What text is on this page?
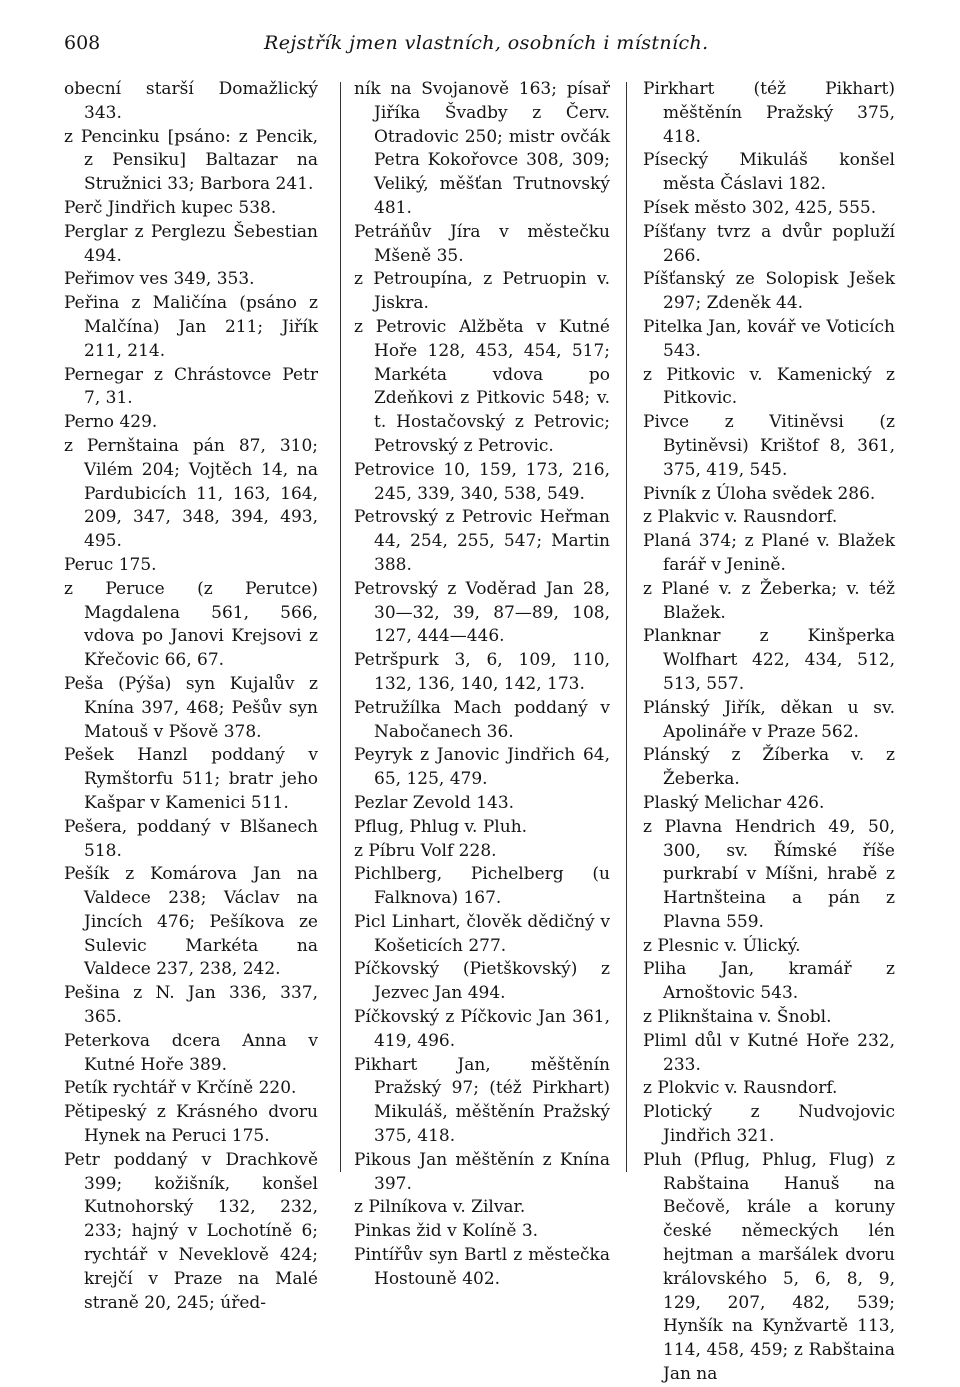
608	Rejstřík jmen vlastních, osobních i místních.
obecní starší Domažlický 343.
z Pencinku [psáno: z Pencik, z Pensiku] Baltazar na Stružnici 33; Barbora 241.
Perč Jindřich kupec 538.
Perglar z Perglezu Šebestian 494.
Peřimov ves 349, 353.
Peřina z Maličína (psáno z Malčína) Jan 211; Jiřík 211, 214.
Pernegar z Chrástovce Petr 7, 31.
Perno 429.
z Pernštaina pán 87, 310; Vilém 204; Vojtěch 14, na Pardubicích 11, 163, 164, 209, 347, 348, 394, 493, 495.
Peruc 175.
z Peruce (z Perutce) Magdalena 561, 566, vdova po Janovi Krejsovi z Křečovic 66, 67.
Peša (Pýša) syn Kujalův z Knína 397, 468; Pešův syn Matouš v Pšově 378.
Pešek Hanzl poddaný v Rymštorfu 511; bratr jeho Kašpar v Kamenici 511.
Pešera, poddaný v Blšanech 518.
Pešík z Komárova Jan na Valdece 238; Václav na Jincích 476; Pešíkova ze Sulevic Markéta na Valdece 237, 238, 242.
Pešina z N. Jan 336, 337, 365.
Peterkova dcera Anna v Kutné Hoře 389.
Petík rychtář v Krčíně 220.
Pětipeský z Krásného dvoru Hynek na Peruci 175.
Petr poddaný v Drachkově 399; kožišník, konšel Kutnohorský 132, 232, 233; hajný v Lochotíně 6; rychtář v Neveklově 424; krejčí v Praze na Malé straně 20, 245; úřed-
ník na Svojanově 163; písař Jiříka Švadby z Červ. Otradovic 250; mistr ovčák Petra Kokořovce 308, 309; Veliký, měšťan Trutnovský 481.
Petráňův Jíra v městečku Mšeně 35.
z Petroupína, z Petruopin v. Jiskra.
z Petrovic Alžběta v Kutné Hoře 128, 453, 454, 517; Markéta vdova po Zdeňkovi z Pitkovic 548; v. t. Hostačovský z Petrovic; Petrovský z Petrovic.
Petrovice 10, 159, 173, 216, 245, 339, 340, 538, 549.
Petrovský z Petrovic Heřman 44, 254, 255, 547; Martin 388.
Petrovský z Voděrad Jan 28, 30—32, 39, 87—89, 108, 127, 444—446.
Petršpurk 3, 6, 109, 110, 132, 136, 140, 142, 173.
Petružílka Mach poddaný v Nabočanech 36.
Peyryk z Janovic Jindřich 64, 65, 125, 479.
Pezlar Zevold 143.
Pflug, Phlug v. Pluh.
z Píbru Volf 228.
Pichlberg, Pichelberg (u Falknova) 167.
Picl Linhart, člověk dědičný v Košeticích 277.
Píčkovský (Pietškovský) z Jezvec Jan 494.
Píčkovský z Píčkovic Jan 361, 419, 496.
Pikhart Jan, měštěnín Pražský 97; (též Pirkhart) Mikuláš, měštěnín Pražský 375, 418.
Pikous Jan měštěnín z Knína 397.
z Pilníkova v. Zilvar.
Pinkas žid v Kolíně 3.
Pintířův syn Bartl z městečka Hostouně 402.
Pirkhart (též Pikhart) měštěnín Pražský 375, 418.
Písecký Mikuláš konšel města Čáslavi 182.
Písek město 302, 425, 555.
Píšťany tvrz a dvůr popluží 266.
Píšťanský ze Solopisk Ješek 297; Zdeněk 44.
Pitelka Jan, kovář ve Voticích 543.
z Pitkovic v. Kamenický z Pitkovic.
Pivce z Vitiněvsi (z Bytiněvsi) Krištof 8, 361, 375, 419, 545.
Pivník z Úloha svědek 286.
z Plakvic v. Rausndorf.
Planá 374; z Plané v. Blažek farář v Jenině.
z Plané v. z Žeberka; v. též Blažek.
Planknar z Kinšperka Wolfhart 422, 434, 512, 513, 557.
Plánský Jiřík, děkan u sv. Apolináře v Praze 562.
Plánský z Žíberka v. z Žeberka.
Plaský Melichar 426.
z Plavna Hendrich 49, 50, 300, sv. Římské říše purkrabí v Míšni, hrabě z Hartnšteina a pán z Plavna 559.
z Plesnic v. Úlický.
Pliha Jan, kramář z Arnoštovic 543.
z Pliknštaina v. Šnobl.
Pliml důl v Kutné Hoře 232, 233.
z Plokvic v. Rausndorf.
Plotický z Nudvojovic Jindřich 321.
Pluh (Pflug, Phlug, Flug) z Rabštaina Hanuš na Bečově, krále a koruny české německých lén hejtman a maršálek dvoru královského 5, 6, 8, 9, 129, 207, 482, 539; Hynšík na Kynžvartě 113, 114, 458, 459; z Rabštaina Jan na
